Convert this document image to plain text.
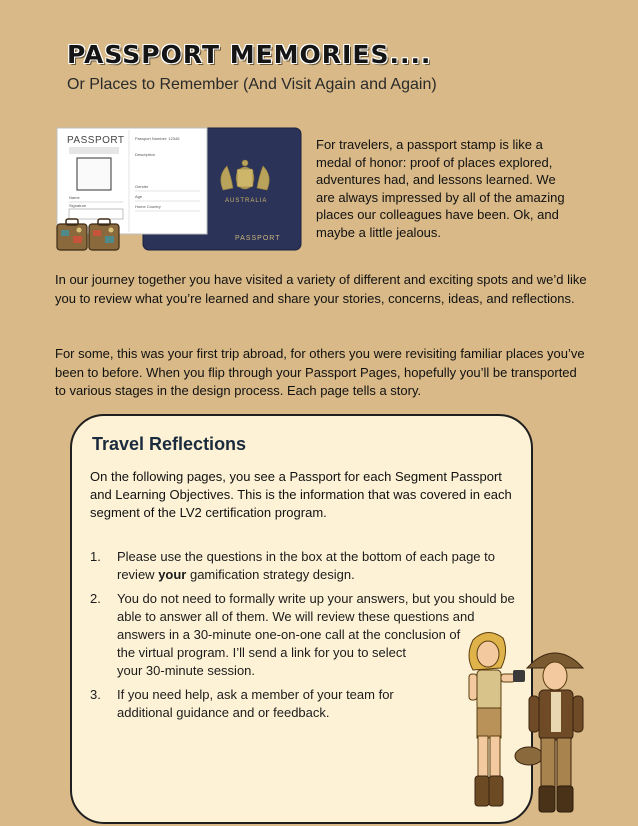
PASSPORT MEMORIES....
Or Places to Remember (And Visit Again and Again)
AUSTRALIA
PASSPORT
PASSPORT
Name
Signature
Passport Number: 12345
Description
Gender
Age
Home Country
For travelers, a passport stamp is like a medal of honor: proof of places explored, adventures had, and lessons learned. We are always impressed by all of the amazing places our colleagues have been. Ok, and maybe a little jealous.
In our journey together you have visited a variety of different and exciting spots and we’d like you to review what you’re learned and share your stories, concerns, ideas, and reflections.
For some, this was your first trip abroad, for others you were revisiting familiar places you’ve been to before. When you flip through your Passport Pages, hopefully you’ll be transported to various stages in the design process. Each page tells a story.
Travel Reflections
On the following pages, you see a Passport for each Segment Passport and Learning Objectives. This is the information that was covered in each segment of the LV2 certification program.
1. Please use the questions in the box at the bottom of each page to review your gamification strategy design.
2. You do not need to formally write up your answers, but you should be able to answer all of them. We will review these questions and answers in a 30-minute one-on-one call at the conclusion of
the virtual program. I’ll send a link for you to select your 30-minute session.
3. If you need help, ask a member of your team for additional guidance and or feedback.
